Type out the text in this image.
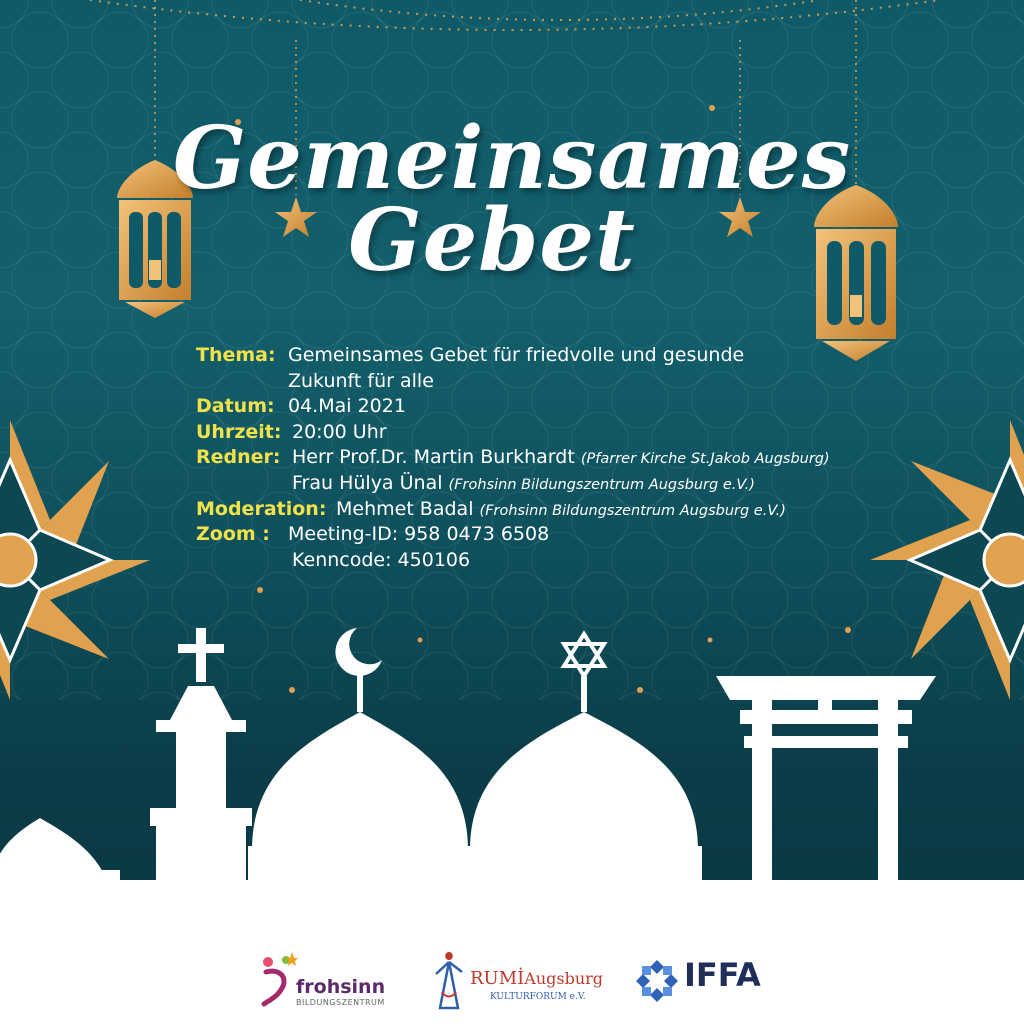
Gemeinsames
Gebet
Thema: Gemeinsames Gebet für friedvolle und gesunde
Zukunft für alle
Datum: 04.Mai 2021
Uhrzeit: 20:00 Uhr
Redner: Herr Prof.Dr. Martin Burkhardt (Pfarrer Kirche St.Jakob Augsburg)
Frau Hülya Ünal (Frohsinn Bildungszentrum Augsburg e.V.)
Moderation: Mehmet Badal (Frohsinn Bildungszentrum Augsburg e.V.)
Zoom : Meeting-ID: 958 0473 6508
Kenncode: 450106
frohsinn
BILDUNGSZENTRUM
RUMİAugsburg
KULTURFORUM e.V.
IFFA
